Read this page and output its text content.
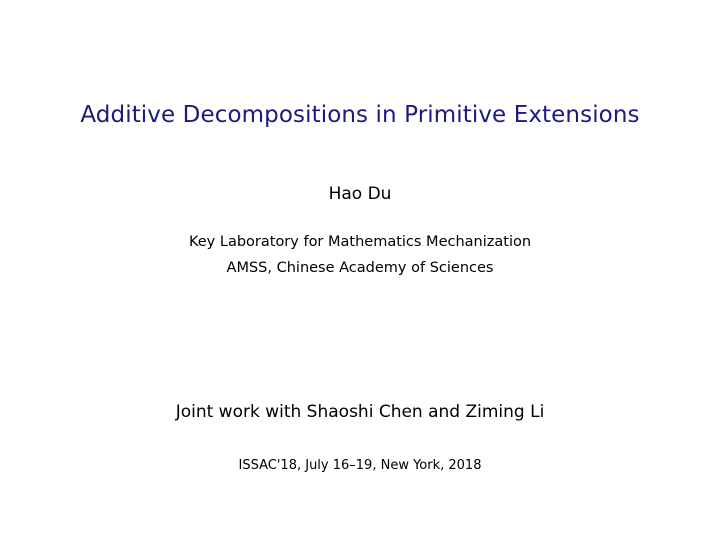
Additive Decompositions in Primitive Extensions
Hao Du
Key Laboratory for Mathematics Mechanization
AMSS, Chinese Academy of Sciences
Joint work with Shaoshi Chen and Ziming Li
ISSAC'18, July 16–19, New York, 2018
